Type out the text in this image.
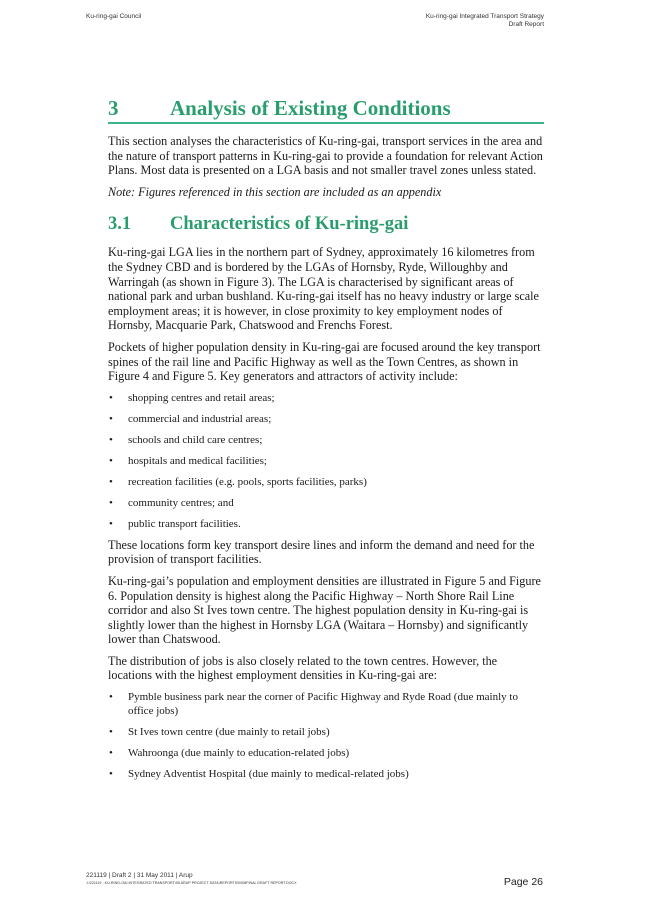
Ku-ring-gai Council	Ku-ring-gai Integrated Transport Strategy
Draft Report
3	Analysis of Existing Conditions

This section analyses the characteristics of Ku-ring-gai, transport services in the area and the nature of transport patterns in Ku-ring-gai to provide a foundation for relevant Action Plans. Most data is presented on a LGA basis and not smaller travel zones unless stated.

Note: Figures referenced in this section are included as an appendix

3.1	Characteristics of Ku-ring-gai

Ku-ring-gai LGA lies in the northern part of Sydney, approximately 16 kilometres from the Sydney CBD and is bordered by the LGAs of Hornsby, Ryde, Willoughby and Warringah (as shown in Figure 3). The LGA is characterised by significant areas of national park and urban bushland. Ku-ring-gai itself has no heavy industry or large scale employment areas; it is however, in close proximity to key employment nodes of Hornsby, Macquarie Park, Chatswood and Frenchs Forest.

Pockets of higher population density in Ku-ring-gai are focused around the key transport spines of the rail line and Pacific Highway as well as the Town Centres, as shown in Figure 4 and Figure 5. Key generators and attractors of activity include:

• shopping centres and retail areas;
• commercial and industrial areas;
• schools and child care centres;
• hospitals and medical facilities;
• recreation facilities (e.g. pools, sports facilities, parks)
• community centres; and
• public transport facilities.

These locations form key transport desire lines and inform the demand and need for the provision of transport facilities.

Ku-ring-gai’s population and employment densities are illustrated in Figure 5 and Figure 6. Population density is highest along the Pacific Highway – North Shore Rail Line corridor and also St Ives town centre. The highest population density in Ku-ring-gai is slightly lower than the highest in Hornsby LGA (Waitara – Hornsby) and significantly lower than Chatswood.

The distribution of jobs is also closely related to the town centres. However, the locations with the highest employment densities in Ku-ring-gai are:

• Pymble business park near the corner of Pacific Highway and Ryde Road (due mainly to office jobs)
• St Ives town centre (due mainly to retail jobs)
• Wahroonga (due mainly to education-related jobs)
• Sydney Adventist Hospital (due mainly to medical-related jobs)
221119 | Draft 2 | 31 May 2011 | Arup
J:\221119 - KU-RING-GAI INTEGRATED TRANSPORT\05 ARUP PROJECT DATA\REPORTS\0008FINAL DRAFT REPORT.DOCX	Page 26
